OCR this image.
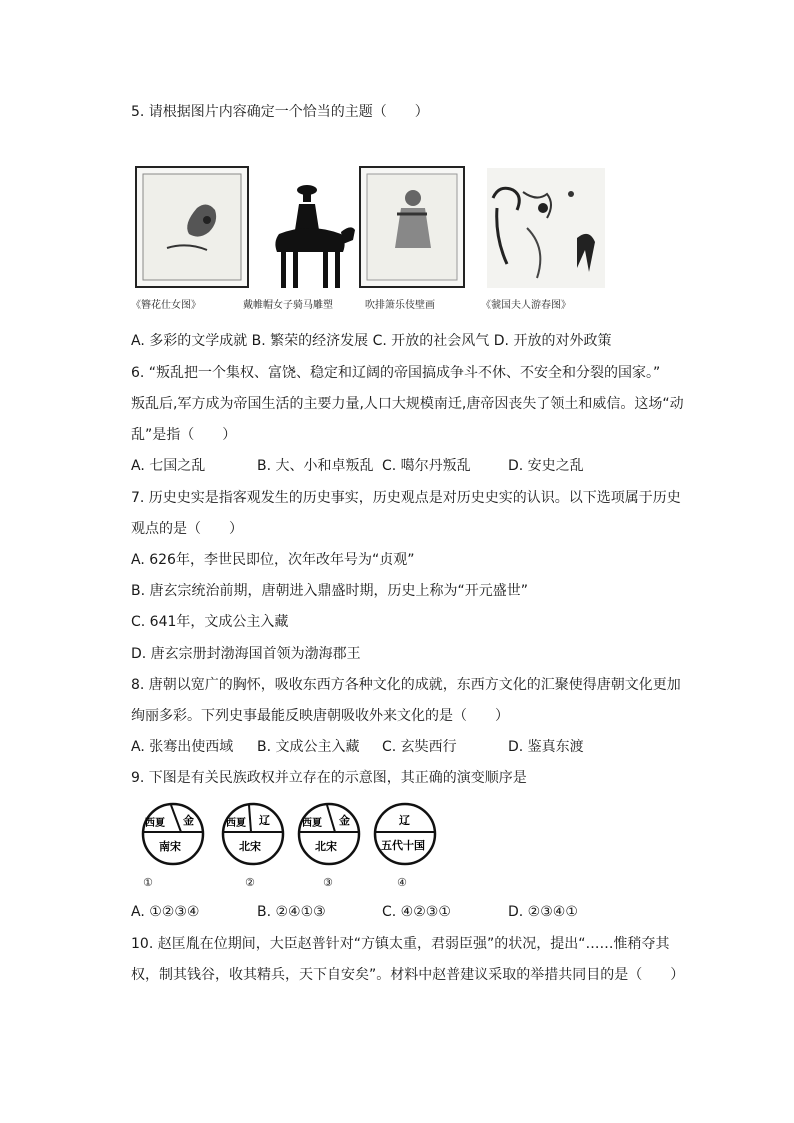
5. 请根据图片内容确定一个恰当的主题（　　）
《簪花仕女图》	戴帷帽女子骑马雕塑	吹排箫乐伎壁画	《虢国夫人游春图》
A. 多彩的文学成就 B. 繁荣的经济发展 C. 开放的社会风气 D. 开放的对外政策
6. “叛乱把一个集权、富饶、稳定和辽阔的帝国搞成争斗不休、不安全和分裂的国家。”
叛乱后,军方成为帝国生活的主要力量,人口大规模南迁,唐帝因丧失了领土和威信。这场“动
乱”是指（　　）
A. 七国之乱	B. 大、小和卓叛乱 C. 噶尔丹叛乱	D. 安史之乱
7. 历史史实是指客观发生的历史事实，历史观点是对历史史实的认识。以下选项属于历史
观点的是（　　）
A. 626年，李世民即位，次年改年号为“贞观”
B. 唐玄宗统治前期，唐朝进入鼎盛时期，历史上称为“开元盛世”
C. 641年，文成公主入藏
D. 唐玄宗册封渤海国首领为渤海郡王
8. 唐朝以宽广的胸怀，吸收东西方各种文化的成就，东西方文化的汇聚使得唐朝文化更加
绚丽多彩。下列史事最能反映唐朝吸收外来文化的是（　　）
A. 张骞出使西域 B. 文成公主入藏 C. 玄奘西行	D. 鉴真东渡
9. 下图是有关民族政权并立存在的示意图，其正确的演变顺序是
西夏 金
南宋
西夏 辽
北宋
西夏 金
北宋
辽
五代十国
①	②	③	④
A. ①②③④	B. ②④①③	C. ④②③①	D. ②③④①
10. 赵匡胤在位期间，大臣赵普针对“方镇太重，君弱臣强”的状况，提出“……惟稍夺其
权，制其钱谷，收其精兵，天下自安矣”。材料中赵普建议采取的举措共同目的是（　　）
